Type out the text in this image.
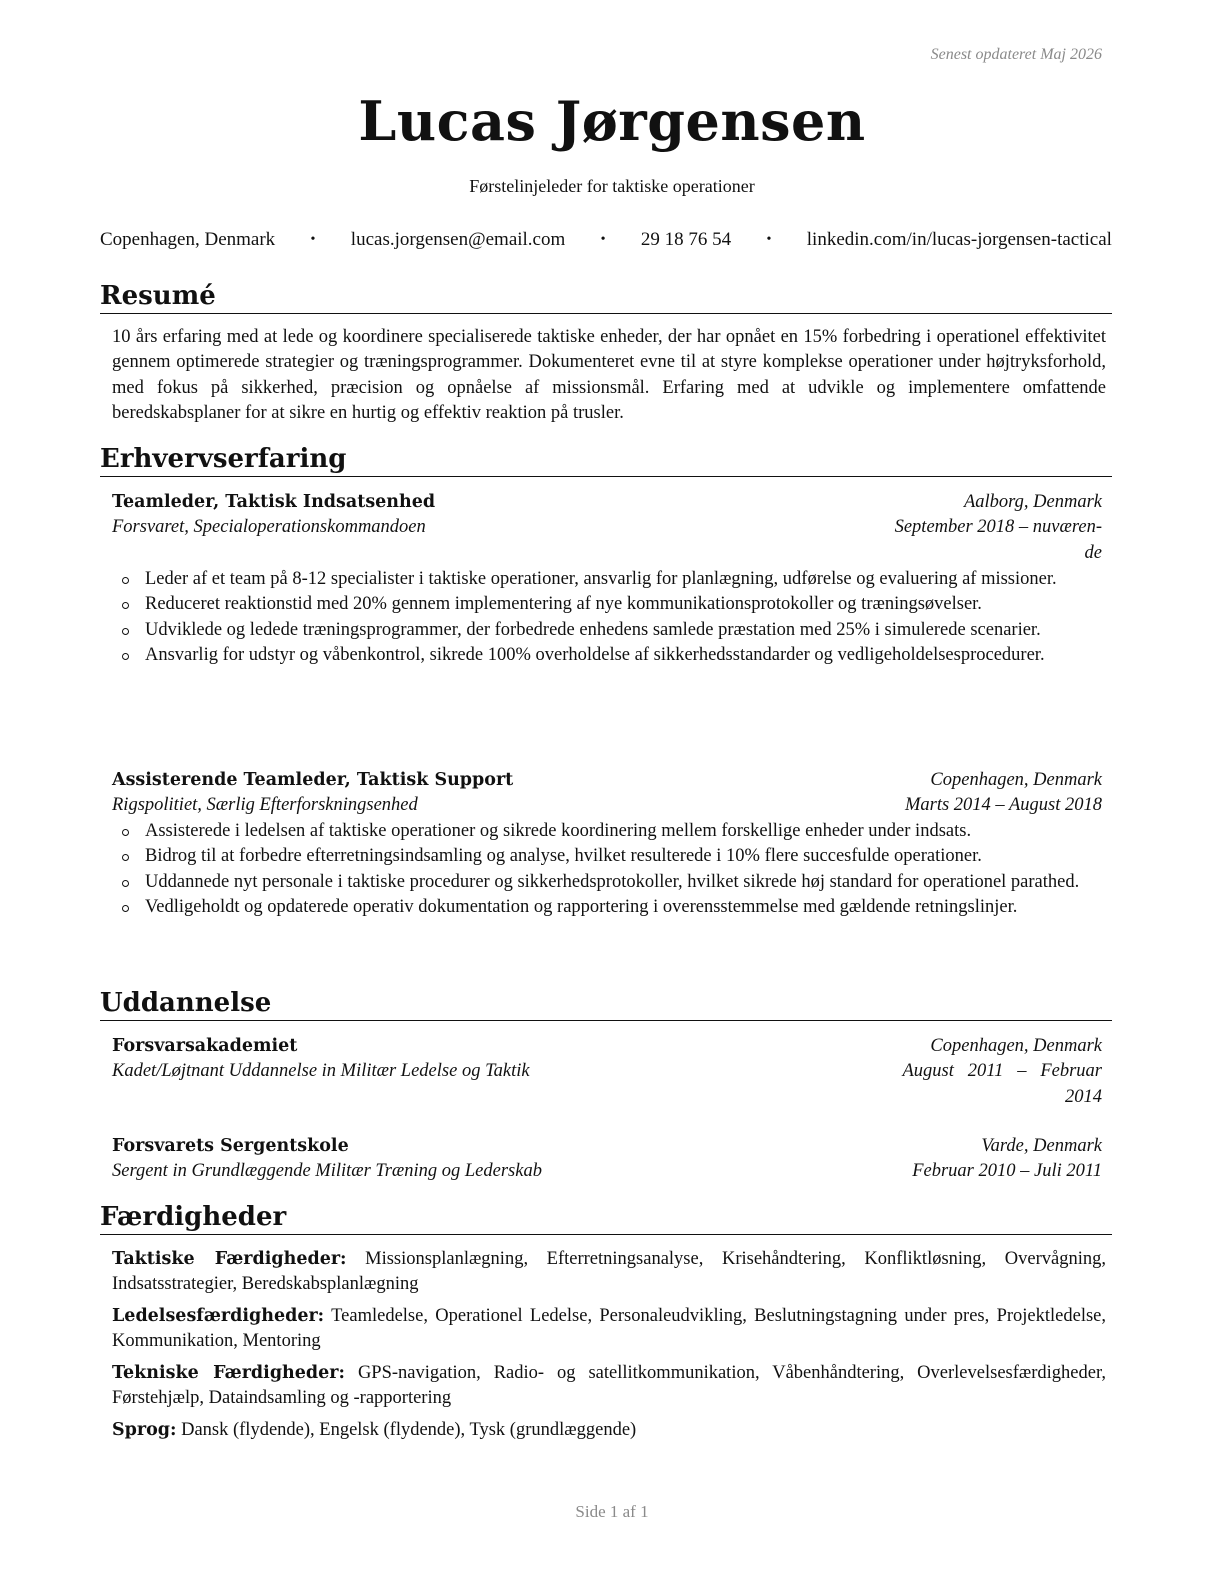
Senest opdateret Maj 2026
Lucas Jørgensen
Førstelinjeleder for taktiske operationer
Copenhagen, Denmark	• lucas.jorgensen@email.com	• 29 18 76 54	• linkedin.com/in/lucas-jorgensen-tactical
Resumé
10 års erfaring med at lede og koordinere specialiserede taktiske enheder, der har opnået en 15% forbedring i operationel effektivitet gennem optimerede strategier og træningsprogrammer. Dokumenteret evne til at styre komplekse operationer under højtryksforhold, med fokus på sikkerhed, præcision og opnåelse af missionsmål. Erfaring med at udvikle og implementere omfattende beredskabsplaner for at sikre en hurtig og effektiv reaktion på trusler.
Erhvervserfaring
Teamleder, Taktisk Indsatsenhed	Aalborg, Denmark
Forsvaret, Specialoperationskommandoen	September 2018 – nuværen-
de
Leder af et team på 8-12 specialister i taktiske operationer, ansvarlig for planlægning, udførelse og evaluering af missioner.
Reduceret reaktionstid med 20% gennem implementering af nye kommunikationsprotokoller og træningsøvelser.
Udviklede og ledede træningsprogrammer, der forbedrede enhedens samlede præstation med 25% i simulerede scenarier.
Ansvarlig for udstyr og våbenkontrol, sikrede 100% overholdelse af sikkerhedsstandarder og vedligeholdelsesprocedurer.
Assisterende Teamleder, Taktisk Support	Copenhagen, Denmark
Rigspolitiet, Særlig Efterforskningsenhed	Marts 2014 – August 2018
Assisterede i ledelsen af taktiske operationer og sikrede koordinering mellem forskellige enheder under indsats.
Bidrog til at forbedre efterretningsindsamling og analyse, hvilket resulterede i 10% flere succesfulde operationer.
Uddannede nyt personale i taktiske procedurer og sikkerhedsprotokoller, hvilket sikrede høj standard for operationel parathed.
Vedligeholdt og opdaterede operativ dokumentation og rapportering i overensstemmelse med gældende retningslinjer.
Uddannelse
Forsvarsakademiet	Copenhagen, Denmark
Kadet/Løjtnant Uddannelse in Militær Ledelse og Taktik	August   2011   –   Februar
2014
Forsvarets Sergentskole	Varde, Denmark
Sergent in Grundlæggende Militær Træning og Lederskab	Februar 2010 – Juli 2011
Færdigheder
Taktiske Færdigheder: Missionsplanlægning, Efterretningsanalyse, Krisehåndtering, Konfliktløsning, Overvågning, Indsatsstrategier, Beredskabsplanlægning
Ledelsesfærdigheder: Teamledelse, Operationel Ledelse, Personaleudvikling, Beslutningstagning under pres, Projektledelse, Kommunikation, Mentoring
Tekniske Færdigheder: GPS-navigation, Radio- og satellitkommunikation, Våbenhåndtering, Overlevelsesfærdigheder, Førstehjælp, Dataindsamling og -rapportering
Sprog: Dansk (flydende), Engelsk (flydende), Tysk (grundlæggende)
Side 1 af 1
